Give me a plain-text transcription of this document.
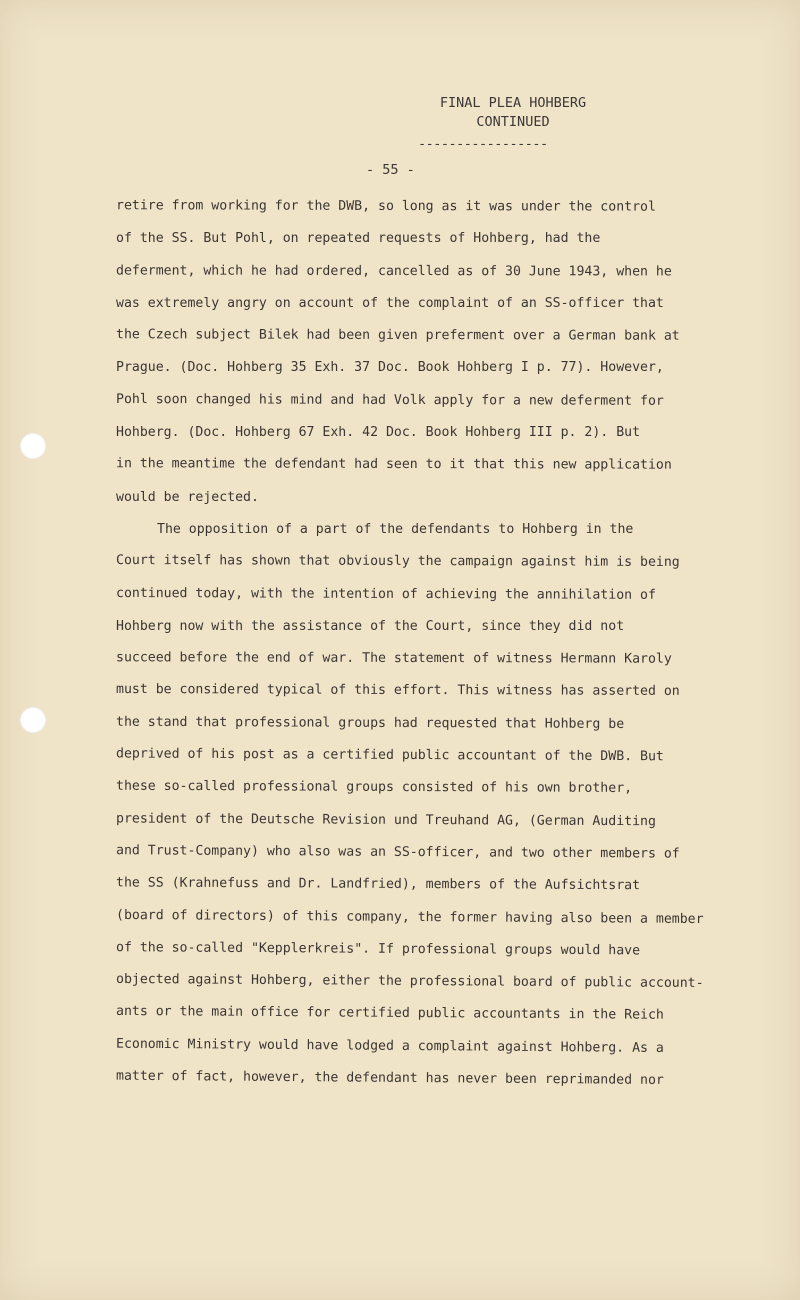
FINAL PLEA HOHBERG
CONTINUED
-----------------
- 55 -
retire from working for the DWB, so long as it was under the control
of the SS. But Pohl, on repeated requests of Hohberg, had the
deferment, which he had ordered, cancelled as of 30 June 1943, when he
was extremely angry on account of the complaint of an SS-officer that
the Czech subject Bilek had been given preferment over a German bank at
Prague. (Doc. Hohberg 35 Exh. 37 Doc. Book Hohberg I p. 77). However,
Pohl soon changed his mind and had Volk apply for a new deferment for
Hohberg. (Doc. Hohberg 67 Exh. 42 Doc. Book Hohberg III p. 2). But
in the meantime the defendant had seen to it that this new application
would be rejected.
The opposition of a part of the defendants to Hohberg in the
Court itself has shown that obviously the campaign against him is being
continued today, with the intention of achieving the annihilation of
Hohberg now with the assistance of the Court, since they did not
succeed before the end of war. The statement of witness Hermann Karoly
must be considered typical of this effort. This witness has asserted on
the stand that professional groups had requested that Hohberg be
deprived of his post as a certified public accountant of the DWB. But
these so-called professional groups consisted of his own brother,
president of the Deutsche Revision und Treuhand AG, (German Auditing
and Trust-Company) who also was an SS-officer, and two other members of
the SS (Krahnefuss and Dr. Landfried), members of the Aufsichtsrat
(board of directors) of this company, the former having also been a member
of the so-called "Kepplerkreis". If professional groups would have
objected against Hohberg, either the professional board of public account-
ants or the main office for certified public accountants in the Reich
Economic Ministry would have lodged a complaint against Hohberg. As a
matter of fact, however, the defendant has never been reprimanded nor
